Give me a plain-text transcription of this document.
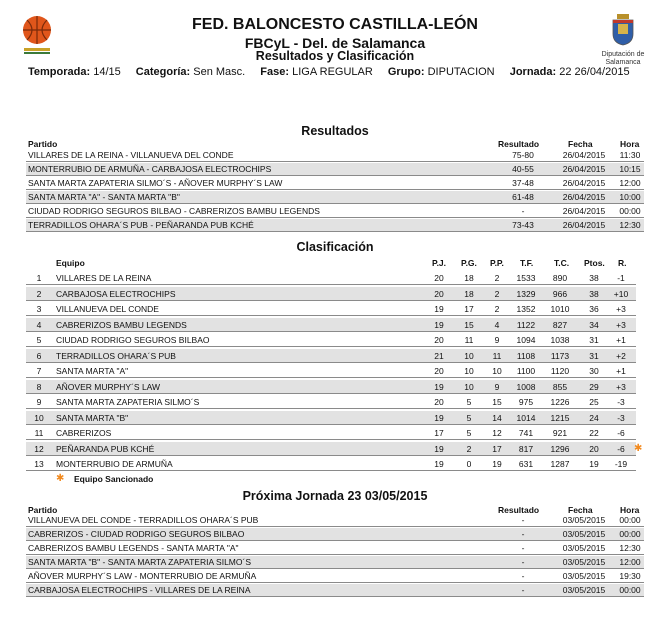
FED. BALONCESTO CASTILLA-LEÓN
FBCyL - Del. de Salamanca
Resultados y Clasificación	Diputación de Salamanca
Temporada: 14/15 Categoría: Sen Masc. Fase: LIGA REGULAR Grupo: DIPUTACION Jornada: 22 26/04/2015
Resultados
Partido	Resultado	Fecha	Hora
VILLARES DE LA REINA - VILLANUEVA DEL CONDE	75-80	26/04/2015	11:30
MONTERRUBIO DE ARMUÑA - CARBAJOSA ELECTROCHIPS	40-55	26/04/2015	10:15
SANTA MARTA ZAPATERIA SILMO´S - AÑOVER MURPHY´S LAW	37-48	26/04/2015	12:00
SANTA MARTA "A" - SANTA MARTA "B"	61-48	26/04/2015	10:00
CIUDAD RODRIGO SEGUROS BILBAO - CABRERIZOS BAMBU LEGENDS	-	26/04/2015	00:00
TERRADILLOS OHARA´S PUB - PEÑARANDA PUB KCHÉ	73-43	26/04/2015	12:30
Clasificación
Equipo	P.J. P.G. P.P. T.F. T.C. Ptos. R.
1	VILLARES DE LA REINA	20	18	2	1533	890	38	-1
2	CARBAJOSA ELECTROCHIPS	20	18	2	1329	966	38	+10
3	VILLANUEVA DEL CONDE	19	17	2	1352	1010	36	+3
4	CABRERIZOS BAMBU LEGENDS	19	15	4	1122	827	34	+3
5	CIUDAD RODRIGO SEGUROS BILBAO	20	11	9	1094	1038	31	+1
6	TERRADILLOS OHARA´S PUB	21	10	11	1108	1173	31	+2
7	SANTA MARTA "A"	20	10	10	1100	1120	30	+1
8	AÑOVER MURPHY´S LAW	19	10	9	1008	855	29	+3
9	SANTA MARTA ZAPATERIA SILMO´S	20	5	15	975	1226	25	-3
10 SANTA MARTA "B"	19	5	14	1014	1215	24	-3
11	CABRERIZOS	17	5	12	741	921	22	-6
12 PEÑARANDA PUB KCHÉ	19	2	17	817	1296	20	-6 ✱
13 MONTERRUBIO DE ARMUÑA	19	0	19	631	1287	19	-19
✱ Equipo Sancionado
Próxima Jornada 23 03/05/2015
Partido	Resultado	Fecha	Hora
VILLANUEVA DEL CONDE - TERRADILLOS OHARA´S PUB	-	03/05/2015	00:00
CABRERIZOS - CIUDAD RODRIGO SEGUROS BILBAO	-	03/05/2015	00:00
CABRERIZOS BAMBU LEGENDS - SANTA MARTA "A"	-	03/05/2015	12:30
SANTA MARTA "B" - SANTA MARTA ZAPATERIA SILMO´S	-	03/05/2015	12:00
AÑOVER MURPHY´S LAW - MONTERRUBIO DE ARMUÑA	-	03/05/2015	19:30
CARBAJOSA ELECTROCHIPS - VILLARES DE LA REINA	-	03/05/2015	00:00
